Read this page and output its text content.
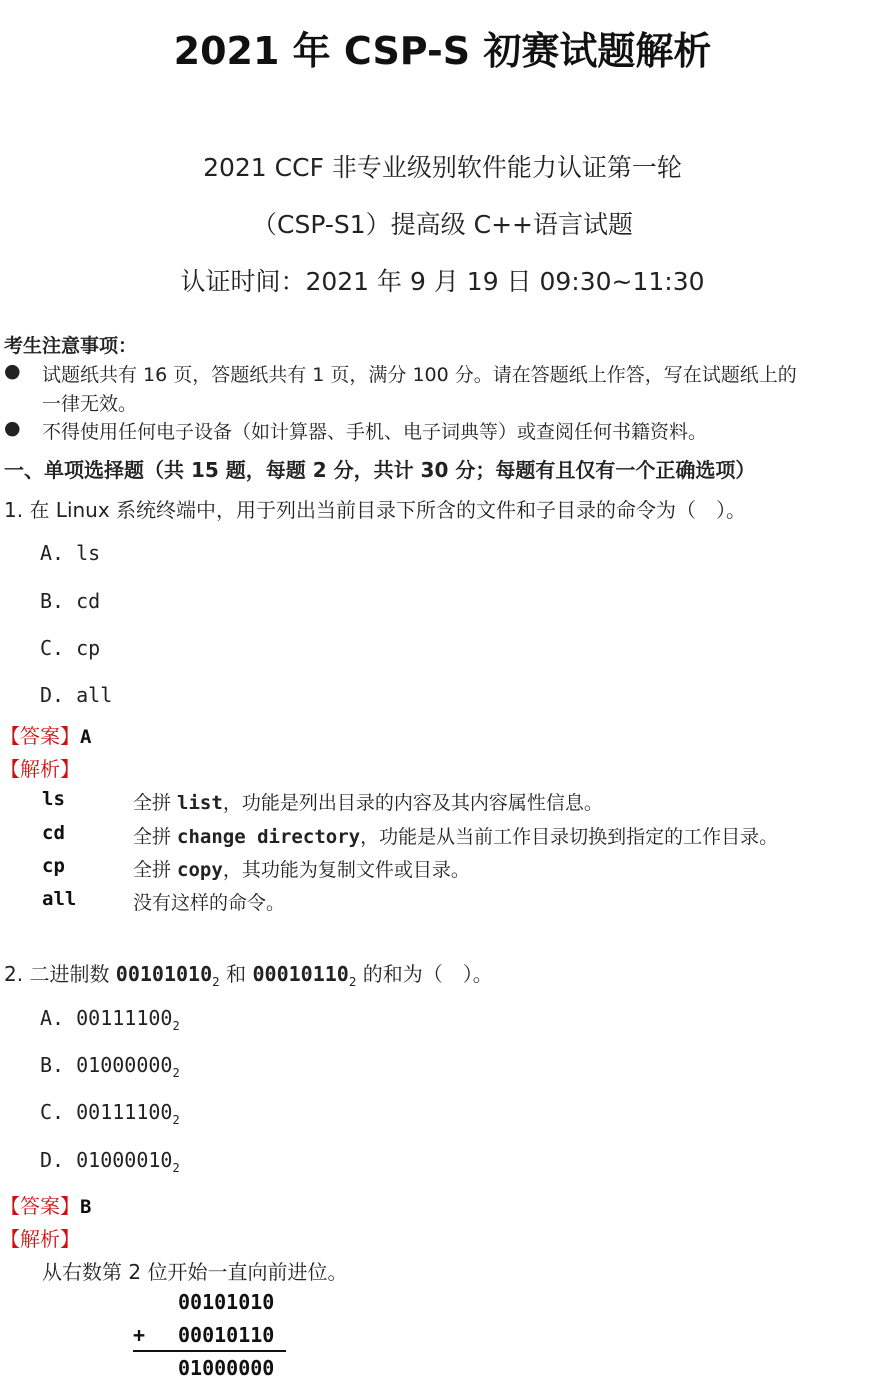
2021 年 CSP-S 初赛试题解析
2021 CCF 非专业级别软件能力认证第一轮
（CSP-S1）提高级 C++语言试题
认证时间：2021 年 9 月 19 日 09:30~11:30
考生注意事项：
● 试题纸共有 16 页，答题纸共有 1 页，满分 100 分。请在答题纸上作答，写在试题纸上的
一律无效。
● 不得使用任何电子设备（如计算器、手机、电子词典等）或查阅任何书籍资料。
一、单项选择题（共 15 题，每题 2 分，共计 30 分；每题有且仅有一个正确选项）
1. 在 Linux 系统终端中，用于列出当前目录下所含的文件和子目录的命令为（　）。
A. ls
B. cd
C. cp
D. all
【答案】A
【解析】
2. 二进制数 $00101010_2$ 和 $00010110_2$ 的和为（　）。
A. $00111100_2$
B. $01000000_2$
C. $00111100_2$
D. $01000010_2$
【答案】B
【解析】
从右数第 2 位开始一直向前进位。
00101010
+ 00010110
01000000
ls	全拼 list，功能是列出目录的内容及其内容属性信息。
cd	全拼 change directory，功能是从当前工作目录切换到指定的工作目录。
cp	全拼 copy，其功能为复制文件或目录。
all	没有这样的命令。
